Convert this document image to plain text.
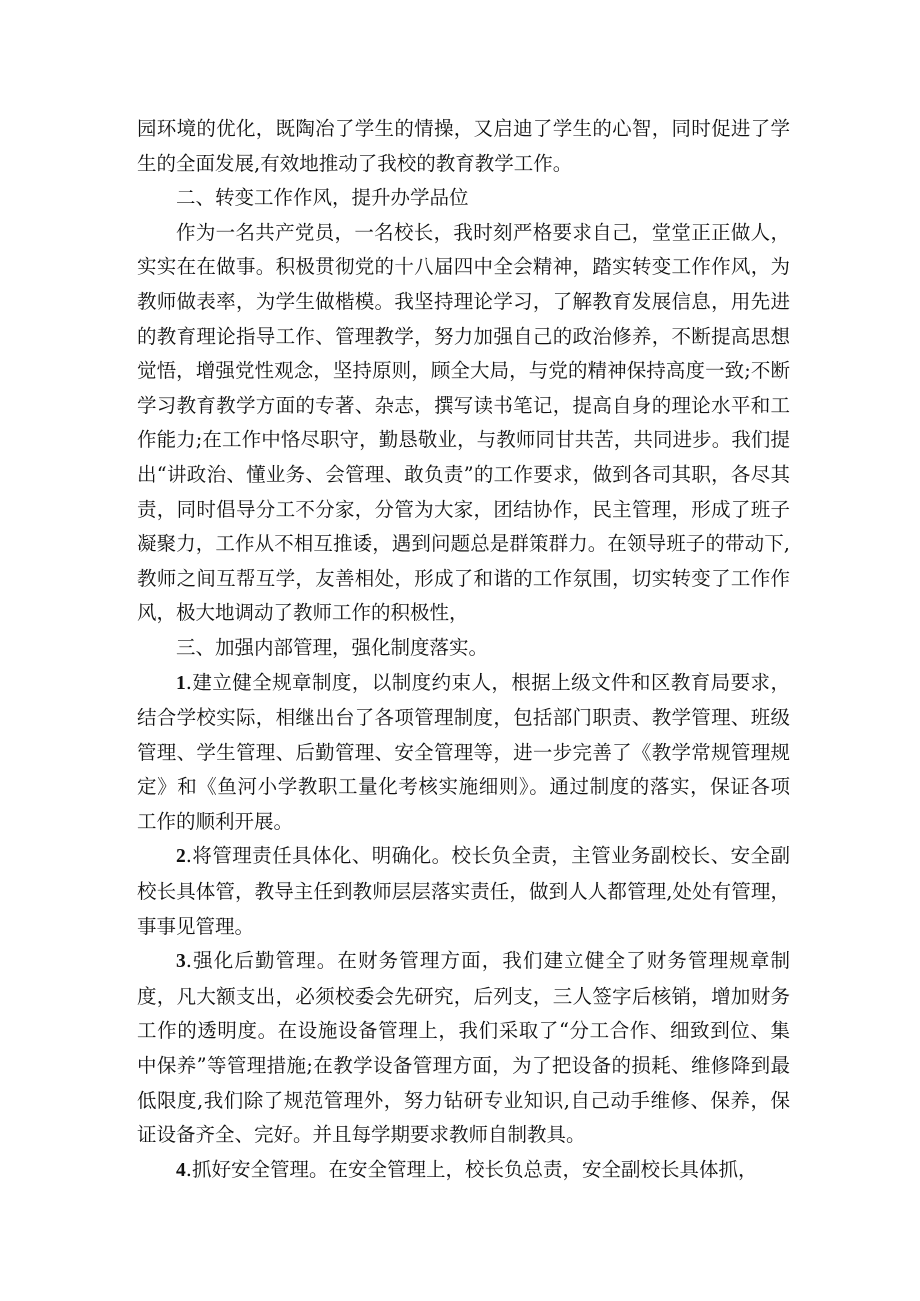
园环境的优化，既陶冶了学生的情操，又启迪了学生的心智，同时促进了学生的全面发展,有效地推动了我校的教育教学工作。

二、转变工作作风，提升办学品位

作为一名共产党员，一名校长，我时刻严格要求自己，堂堂正正做人，实实在在做事。积极贯彻党的十八届四中全会精神，踏实转变工作作风，为教师做表率，为学生做楷模。我坚持理论学习，了解教育发展信息，用先进的教育理论指导工作、管理教学，努力加强自己的政治修养，不断提高思想觉悟，增强党性观念，坚持原则，顾全大局，与党的精神保持高度一致;不断学习教育教学方面的专著、杂志，撰写读书笔记，提高自身的理论水平和工作能力;在工作中恪尽职守，勤恳敬业，与教师同甘共苦，共同进步。我们提出“讲政治、懂业务、会管理、敢负责”的工作要求，做到各司其职，各尽其责，同时倡导分工不分家，分管为大家，团结协作，民主管理，形成了班子凝聚力，工作从不相互推诿，遇到问题总是群策群力。在领导班子的带动下,教师之间互帮互学，友善相处，形成了和谐的工作氛围，切实转变了工作作风，极大地调动了教师工作的积极性，

三、加强内部管理，强化制度落实。

1.建立健全规章制度，以制度约束人，根据上级文件和区教育局要求，结合学校实际，相继出台了各项管理制度，包括部门职责、教学管理、班级管理、学生管理、后勤管理、安全管理等，进一步完善了《教学常规管理规定》和《鱼河小学教职工量化考核实施细则》。通过制度的落实，保证各项工作的顺利开展。

2.将管理责任具体化、明确化。校长负全责，主管业务副校长、安全副校长具体管，教导主任到教师层层落实责任，做到人人都管理,处处有管理，事事见管理。

3.强化后勤管理。在财务管理方面，我们建立健全了财务管理规章制度，凡大额支出，必须校委会先研究，后列支，三人签字后核销，增加财务工作的透明度。在设施设备管理上，我们采取了“分工合作、细致到位、集中保养”等管理措施;在教学设备管理方面，为了把设备的损耗、维修降到最低限度,我们除了规范管理外，努力钻研专业知识,自己动手维修、保养，保证设备齐全、完好。并且每学期要求教师自制教具。

4.抓好安全管理。在安全管理上，校长负总责，安全副校长具体抓，
